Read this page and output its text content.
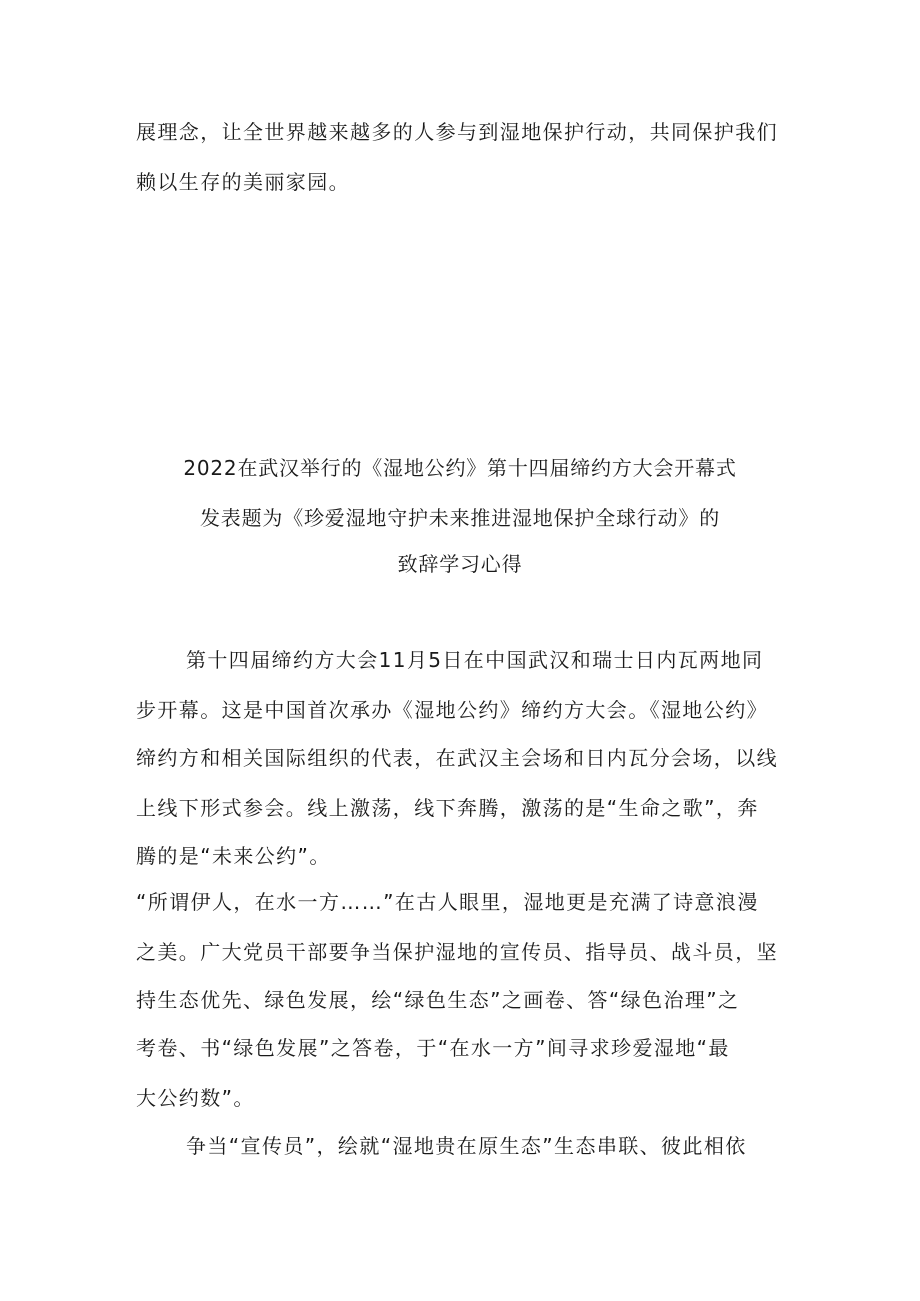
展理念，让全世界越来越多的人参与到湿地保护行动，共同保护我们
赖以生存的美丽家园。
2022在武汉举行的《湿地公约》第十四届缔约方大会开幕式
发表题为《珍爱湿地守护未来推进湿地保护全球行动》的
致辞学习心得
第十四届缔约方大会11月5日在中国武汉和瑞士日内瓦两地同
步开幕。这是中国首次承办《湿地公约》缔约方大会。《湿地公约》
缔约方和相关国际组织的代表，在武汉主会场和日内瓦分会场，以线
上线下形式参会。线上激荡，线下奔腾，激荡的是“生命之歌”，奔
腾的是“未来公约”。
“所谓伊人，在水一方……”在古人眼里，湿地更是充满了诗意浪漫
之美。广大党员干部要争当保护湿地的宣传员、指导员、战斗员，坚
持生态优先、绿色发展，绘“绿色生态”之画卷、答“绿色治理”之
考卷、书“绿色发展”之答卷，于“在水一方”间寻求珍爱湿地“最
大公约数”。
争当“宣传员”，绘就“湿地贵在原生态”生态串联、彼此相依
